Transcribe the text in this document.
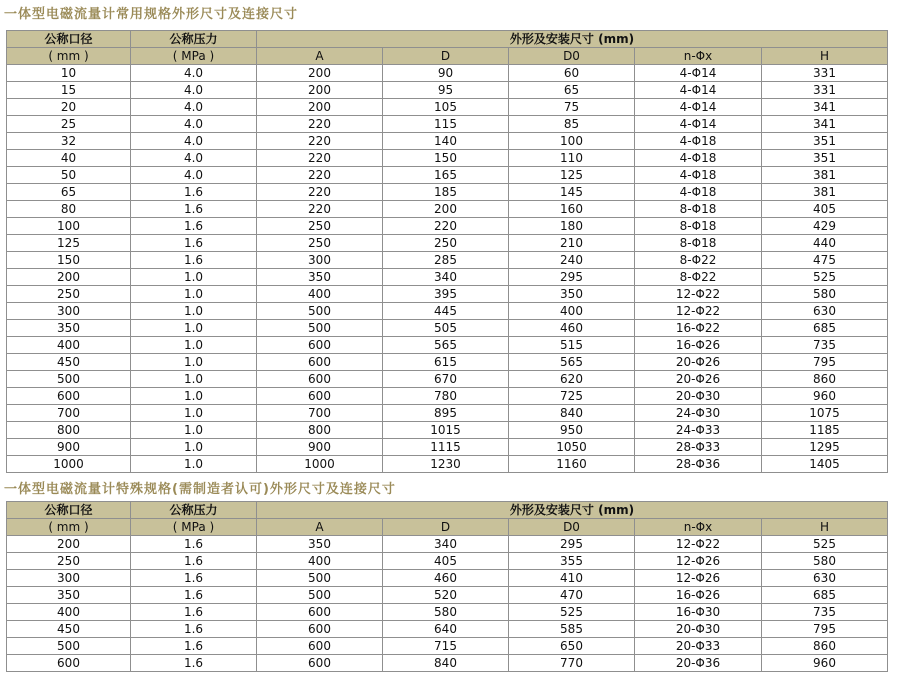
一体型电磁流量计常用规格外形尺寸及连接尺寸
公称口径	公称压力	外形及安装尺寸 (mm)				
( mm )	( MPa )	A	D	D0	n-Φx	H
10	4.0	200	90	60	4-Φ14	331
15	4.0	200	95	65	4-Φ14	331
20	4.0	200	105	75	4-Φ14	341
25	4.0	220	115	85	4-Φ14	341
32	4.0	220	140	100	4-Φ18	351
40	4.0	220	150	110	4-Φ18	351
50	4.0	220	165	125	4-Φ18	381
65	1.6	220	185	145	4-Φ18	381
80	1.6	220	200	160	8-Φ18	405
100	1.6	250	220	180	8-Φ18	429
125	1.6	250	250	210	8-Φ18	440
150	1.6	300	285	240	8-Φ22	475
200	1.0	350	340	295	8-Φ22	525
250	1.0	400	395	350	12-Φ22	580
300	1.0	500	445	400	12-Φ22	630
350	1.0	500	505	460	16-Φ22	685
400	1.0	600	565	515	16-Φ26	735
450	1.0	600	615	565	20-Φ26	795
500	1.0	600	670	620	20-Φ26	860
600	1.0	600	780	725	20-Φ30	960
700	1.0	700	895	840	24-Φ30	1075
800	1.0	800	1015	950	24-Φ33	1185
900	1.0	900	1115	1050	28-Φ33	1295
1000	1.0	1000	1230	1160	28-Φ36	1405
一体型电磁流量计特殊规格(需制造者认可)外形尺寸及连接尺寸
公称口径	公称压力	外形及安装尺寸 (mm)				
( mm )	( MPa )	A	D	D0	n-Φx	H
200	1.6	350	340	295	12-Φ22	525
250	1.6	400	405	355	12-Φ26	580
300	1.6	500	460	410	12-Φ26	630
350	1.6	500	520	470	16-Φ26	685
400	1.6	600	580	525	16-Φ30	735
450	1.6	600	640	585	20-Φ30	795
500	1.6	600	715	650	20-Φ33	860
600	1.6	600	840	770	20-Φ36	960
